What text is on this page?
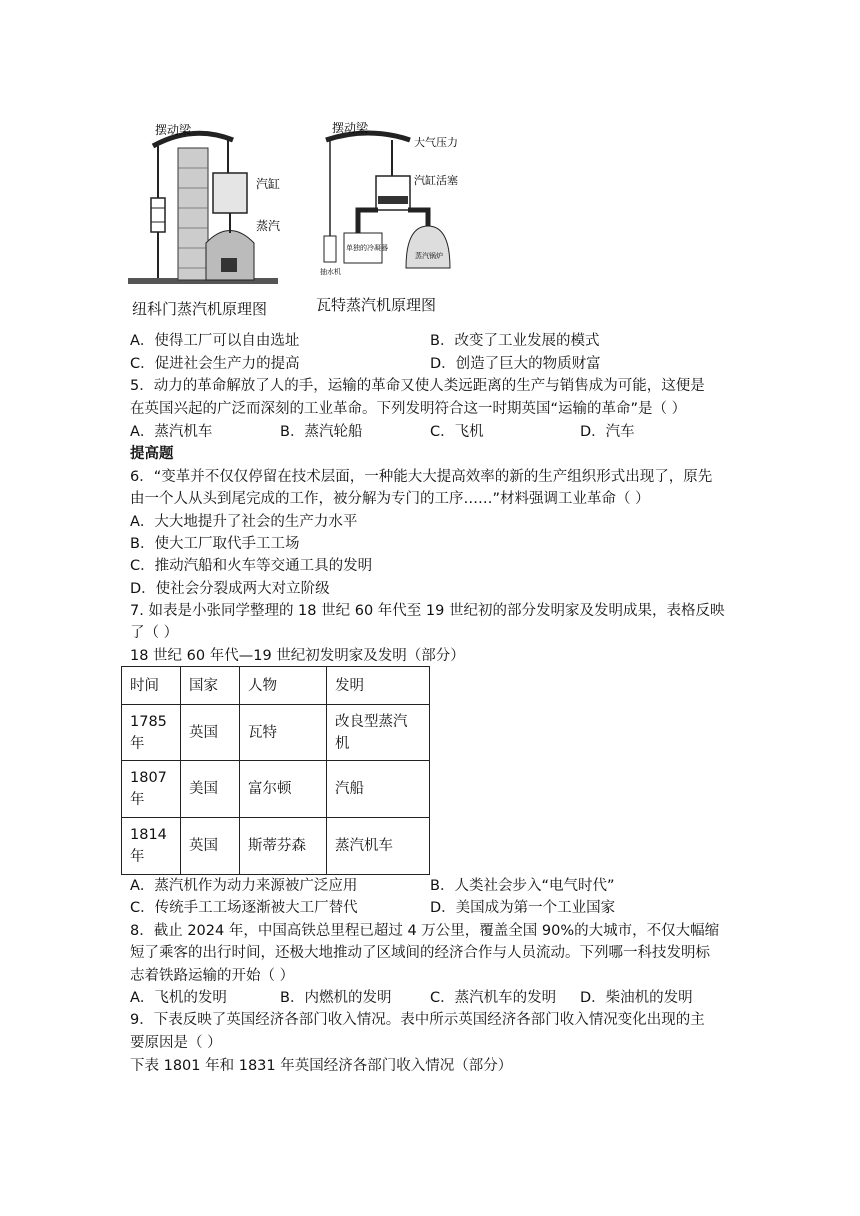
摆动梁
汽缸
蒸汽
纽科门蒸汽机原理图
摆动梁
大气压力
汽缸活塞
抽水机
单独的冷凝器
蒸汽锅炉
瓦特蒸汽机原理图
A．使得工厂可以自由选址	B．改变了工业发展的模式
C．促进社会生产力的提高	D．创造了巨大的物质财富
5．动力的革命解放了人的手，运输的革命又使人类远距离的生产与销售成为可能，这便是
在英国兴起的广泛而深刻的工业革命。下列发明符合这一时期英国“运输的革命”是（ ）
A．蒸汽机车	B．蒸汽轮船	C．飞机	D．汽车
提高题
6．“变革并不仅仅停留在技术层面，一种能大大提高效率的新的生产组织形式出现了，原先
由一个人从头到尾完成的工作，被分解为专门的工序……”材料强调工业革命（ ）
A．大大地提升了社会的生产力水平
B．使大工厂取代手工工场
C．推动汽船和火车等交通工具的发明
D．使社会分裂成两大对立阶级
7. 如表是小张同学整理的 18 世纪 60 年代至 19 世纪初的部分发明家及发明成果，表格反映
了（ ）
18 世纪 60 年代—19 世纪初发明家及发明（部分）
时间	国家	人物	发明
1785
年	英国	瓦特	改良型蒸汽
机
1807
年	美国	富尔顿	汽船
1814
年	英国	斯蒂芬森	蒸汽机车
A．蒸汽机作为动力来源被广泛应用	B．人类社会步入“电气时代”
C．传统手工工场逐渐被大工厂替代	D．美国成为第一个工业国家
8．截止 2024 年，中国高铁总里程已超过 4 万公里，覆盖全国 90%的大城市，不仅大幅缩
短了乘客的出行时间，还极大地推动了区域间的经济合作与人员流动。下列哪一科技发明标
志着铁路运输的开始（ ）
A．飞机的发明	B．内燃机的发明	C．蒸汽机车的发明 D．柴油机的发明
9．下表反映了英国经济各部门收入情况。表中所示英国经济各部门收入情况变化出现的主
要原因是（ ）
下表 1801 年和 1831 年英国经济各部门收入情况（部分）
